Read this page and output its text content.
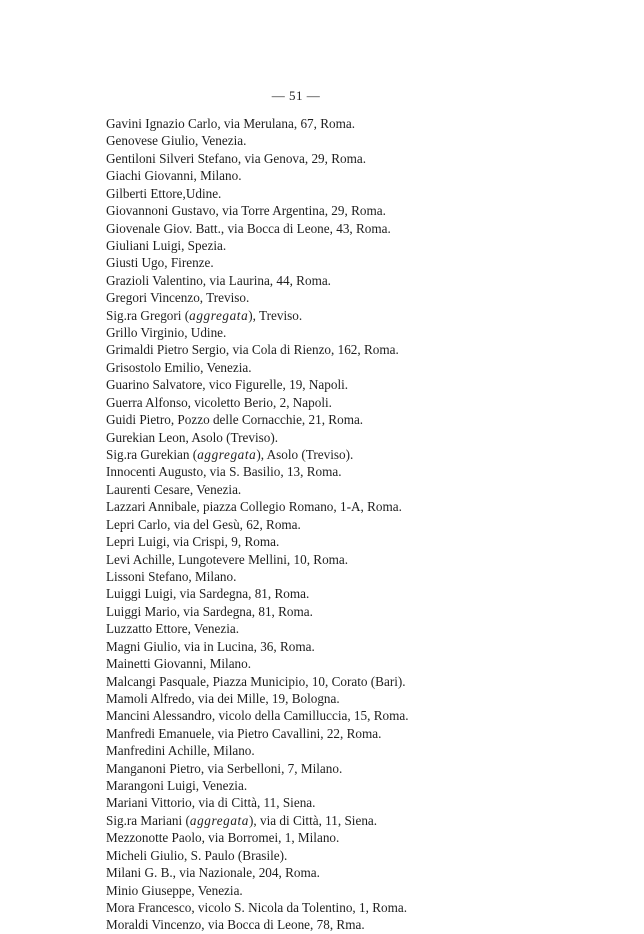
— 51 —
Gavini Ignazio Carlo, via Merulana, 67, Roma.
Genovese Giulio, Venezia.
Gentiloni Silveri Stefano, via Genova, 29, Roma.
Giachi Giovanni, Milano.
Gilberti Ettore,Udine.
Giovannoni Gustavo, via Torre Argentina, 29, Roma.
Giovenale Giov. Batt., via Bocca di Leone, 43, Roma.
Giuliani Luigi, Spezia.
Giusti Ugo, Firenze.
Grazioli Valentino, via Laurina, 44, Roma.
Gregori Vincenzo, Treviso.
Sig.ra Gregori (aggregata), Treviso.
Grillo Virginio, Udine.
Grimaldi Pietro Sergio, via Cola di Rienzo, 162, Roma.
Grisostolo Emilio, Venezia.
Guarino Salvatore, vico Figurelle, 19, Napoli.
Guerra Alfonso, vicoletto Berio, 2, Napoli.
Guidi Pietro, Pozzo delle Cornacchie, 21, Roma.
Gurekian Leon, Asolo (Treviso).
Sig.ra Gurekian (aggregata), Asolo (Treviso).
Innocenti Augusto, via S. Basilio, 13, Roma.
Laurenti Cesare, Venezia.
Lazzari Annibale, piazza Collegio Romano, 1-A, Roma.
Lepri Carlo, via del Gesù, 62, Roma.
Lepri Luigi, via Crispi, 9, Roma.
Levi Achille, Lungotevere Mellini, 10, Roma.
Lissoni Stefano, Milano.
Luiggi Luigi, via Sardegna, 81, Roma.
Luiggi Mario, via Sardegna, 81, Roma.
Luzzatto Ettore, Venezia.
Magni Giulio, via in Lucina, 36, Roma.
Mainetti Giovanni, Milano.
Malcangi Pasquale, Piazza Municipio, 10, Corato (Bari).
Mamoli Alfredo, via dei Mille, 19, Bologna.
Mancini Alessandro, vicolo della Camilluccia, 15, Roma.
Manfredi Emanuele, via Pietro Cavallini, 22, Roma.
Manfredini Achille, Milano.
Manganoni Pietro, via Serbelloni, 7, Milano.
Marangoni Luigi, Venezia.
Mariani Vittorio, via di Città, 11, Siena.
Sig.ra Mariani (aggregata), via di Città, 11, Siena.
Mezzonotte Paolo, via Borromei, 1, Milano.
Micheli Giulio, S. Paulo (Brasile).
Milani G. B., via Nazionale, 204, Roma.
Minio Giuseppe, Venezia.
Mora Francesco, vicolo S. Nicola da Tolentino, 1, Roma.
Moraldi Vincenzo, via Bocca di Leone, 78, Rma.
